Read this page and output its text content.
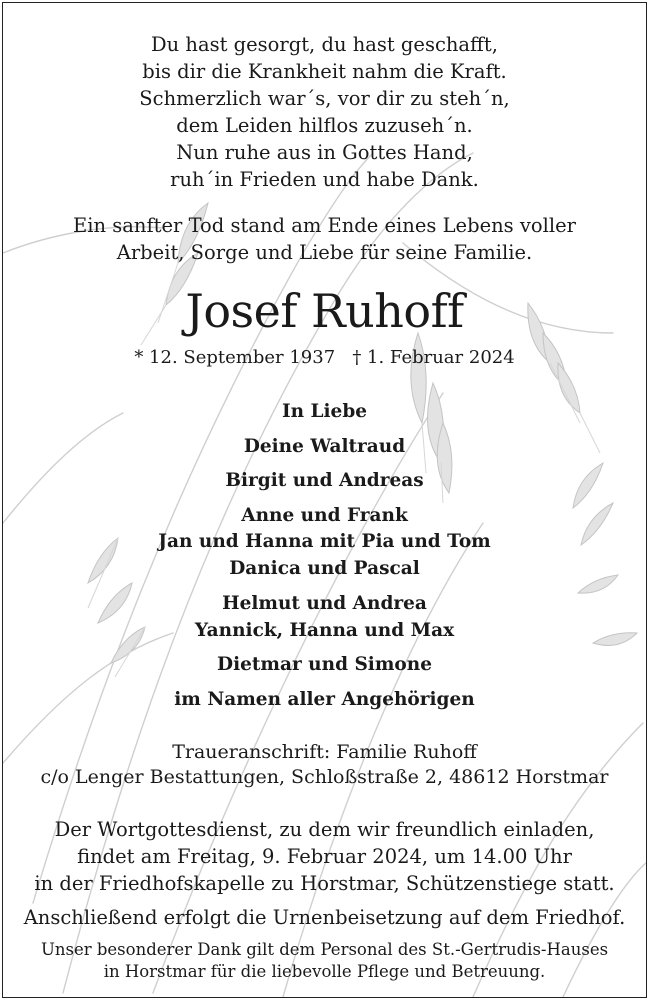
Du hast gesorgt, du hast geschafft,
bis dir die Krankheit nahm die Kraft.
Schmerzlich war´s, vor dir zu steh´n,
dem Leiden hilflos zuzuseh´n.
Nun ruhe aus in Gottes Hand,
ruh´in Frieden und habe Dank.
Ein sanfter Tod stand am Ende eines Lebens voller
Arbeit, Sorge und Liebe für seine Familie.
Josef Ruhoff
* 12. September 1937   † 1. Februar 2024
In Liebe
Deine Waltraud
Birgit und Andreas
Anne und Frank
Jan und Hanna mit Pia und Tom
Danica und Pascal
Helmut und Andrea
Yannick, Hanna und Max
Dietmar und Simone
im Namen aller Angehörigen
Traueranschrift: Familie Ruhoff
c/o Lenger Bestattungen, Schloßstraße 2, 48612 Horstmar
Der Wortgottesdienst, zu dem wir freundlich einladen,
findet am Freitag, 9. Februar 2024, um 14.00 Uhr
in der Friedhofskapelle zu Horstmar, Schützenstiege statt.
Anschließend erfolgt die Urnenbeisetzung auf dem Friedhof.
Unser besonderer Dank gilt dem Personal des St.-Gertrudis-Hauses
in Horstmar für die liebevolle Pflege und Betreuung.
